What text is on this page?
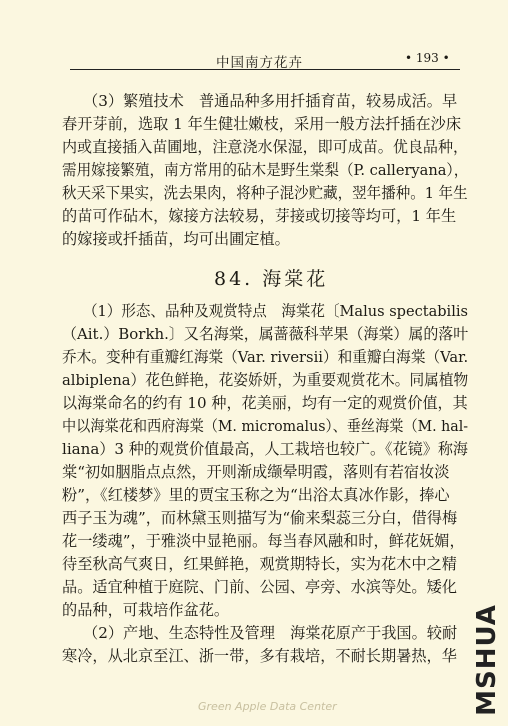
中国南方花卉	• 193 •
（3）繁殖技术　普通品种多用扦插育苗，较易成活。早
春开芽前，选取 1 年生健壮嫩枝，采用一般方法扦插在沙床
内或直接插入苗圃地，注意浇水保湿，即可成苗。优良品种，
需用嫁接繁殖，南方常用的砧木是野生棠梨（P. calleryana），
秋天采下果实，洗去果肉，将种子混沙贮藏，翌年播种。1 年生
的苗可作砧木，嫁接方法较易，芽接或切接等均可，1 年生
的嫁接或扦插苗，均可出圃定植。
84. 海棠花
（1）形态、品种及观赏特点　海棠花〔Malus spectabilis
（Ait.）Borkh.〕又名海棠，属蔷薇科苹果（海棠）属的落叶
乔木。变种有重瓣红海棠（Var. riversii）和重瓣白海棠（Var.
albiplena）花色鲜艳，花姿娇妍，为重要观赏花木。同属植物
以海棠命名的约有 10 种，花美丽，均有一定的观赏价值，其
中以海棠花和西府海棠（M. micromalus）、垂丝海棠（M. hal-
liana）3 种的观赏价值最高，人工栽培也较广。《花镜》称海
棠“初如胭脂点点然，开则渐成缬晕明霞，落则有若宿妆淡
粉”，《红楼梦》里的贾宝玉称之为“出浴太真冰作影，捧心
西子玉为魂”，而林黛玉则描写为“偷来梨蕊三分白，借得梅
花一缕魂”，于雅淡中显艳丽。每当春风融和时，鲜花妩媚，
待至秋高气爽日，红果鲜艳，观赏期特长，实为花木中之精
品。适宜种植于庭院、门前、公园、亭旁、水滨等处。矮化
的品种，可栽培作盆花。
（2）产地、生态特性及管理　海棠花原产于我国。较耐
寒冷，从北京至江、浙一带，多有栽培，不耐长期暑热，华
Green Apple Data Center	MSHUA
